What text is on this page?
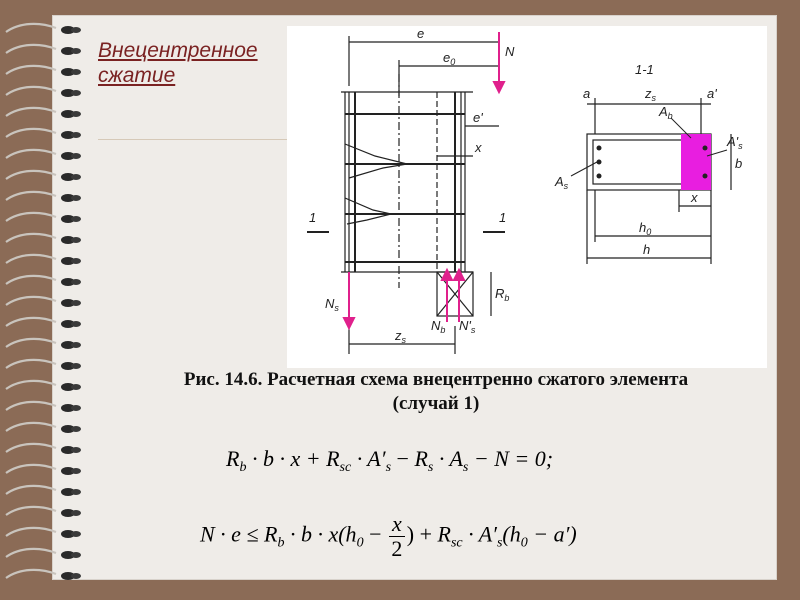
Внецентренное
сжатие
e
$e_0$
N
e'
x
1	1
$N_s$
$z_s$
$N_b$ $N'_s$
$R_b$
1-1
a	$z_s$	a'
$A_b$
$A'_s$
$A_s$
b
x
$h_0$
h
Рис. 14.6. Расчетная схема внецентренно сжатого элемента
(случай 1)
$R_b \cdot b \cdot x + R_{sc} \cdot A'_s - R_s \cdot A_s - N = 0$;
$N \cdot e \le R_b \cdot b \cdot x(h_0 - \frac{x}{2}$ ) + $R_{sc} \cdot A'_s(h_0 - a')$
